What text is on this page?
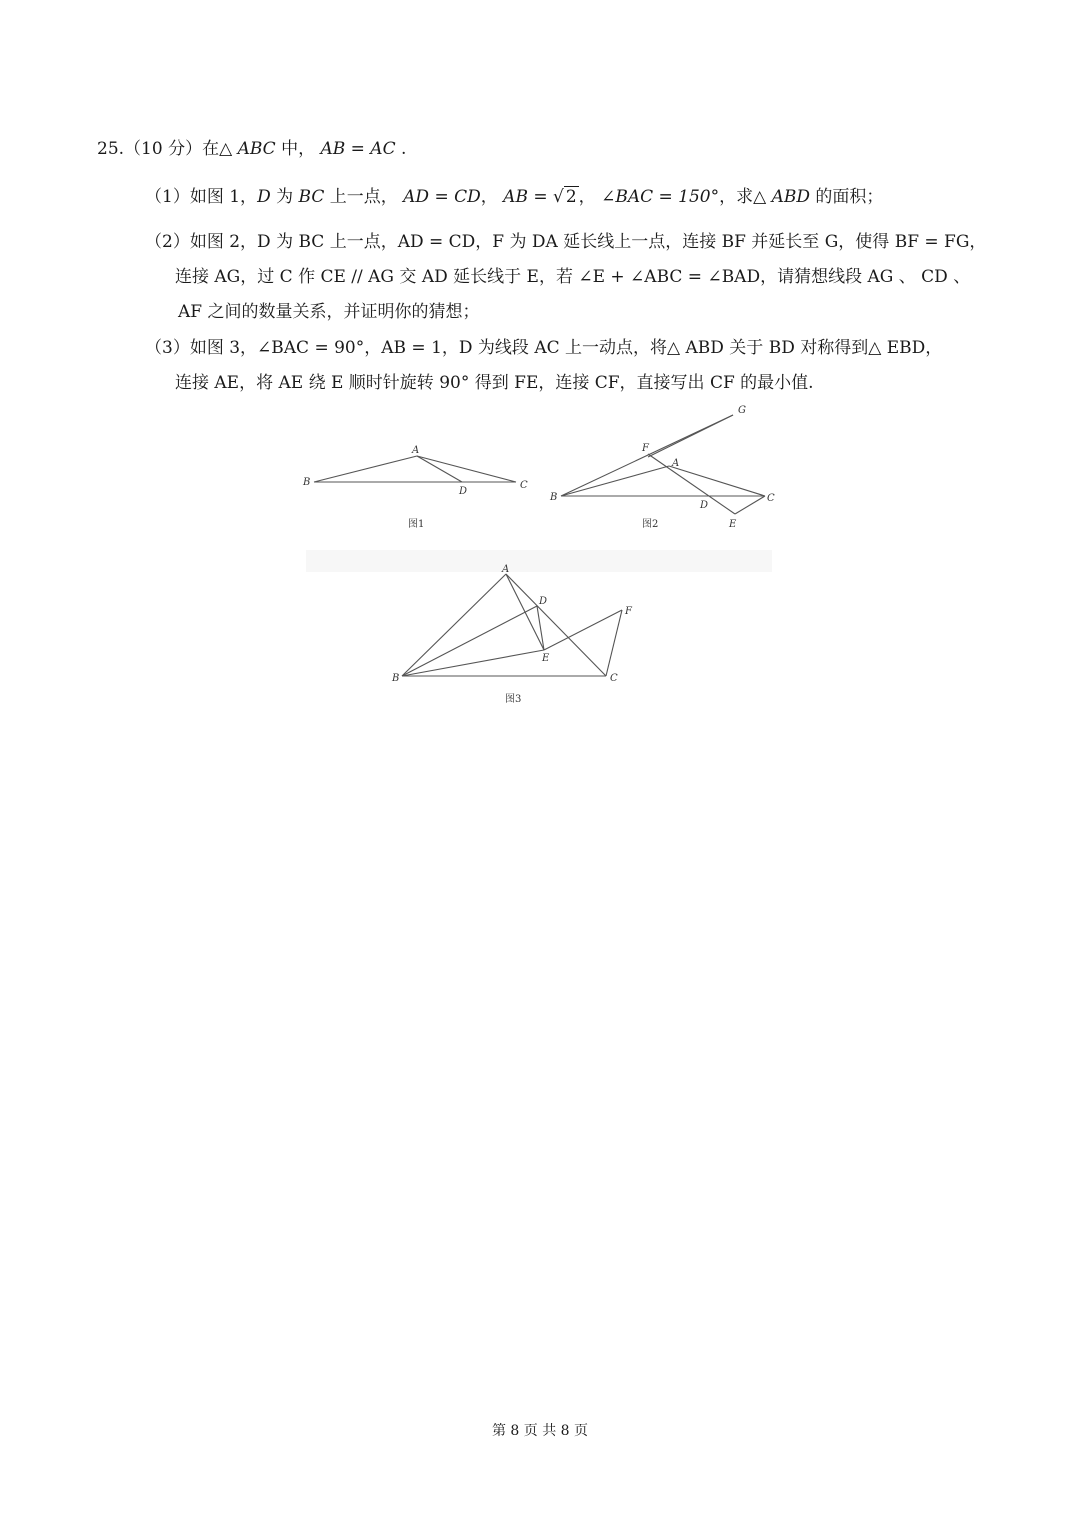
25.（10 分）在△ ABC 中， AB = AC .
（1）如图 1，D 为 BC 上一点， AD = CD， AB = √ 2 ， ∠BAC = 150°，求△ ABD 的面积；
（2）如图 2，D 为 BC 上一点，AD = CD，F 为 DA 延长线上一点，连接 BF 并延长至 G，使得 BF = FG，
连接 AG，过 C 作 CE // AG 交 AD 延长线于 E，若 ∠E + ∠ABC = ∠BAD，请猜想线段 AG 、 CD 、
AF 之间的数量关系，并证明你的猜想；
（3）如图 3，∠BAC = 90°，AB = 1，D 为线段 AC 上一动点，将△ ABD 关于 BD 对称得到△ EBD，
连接 AE，将 AE 绕 E 顺时针旋转 90° 得到 FE，连接 CF，直接写出 CF 的最小值.
A
B	C
D
图1
G
F
A
B	C
D
E
图2
A
D
F
E
B	C
图3
第 8 页 共 8 页
